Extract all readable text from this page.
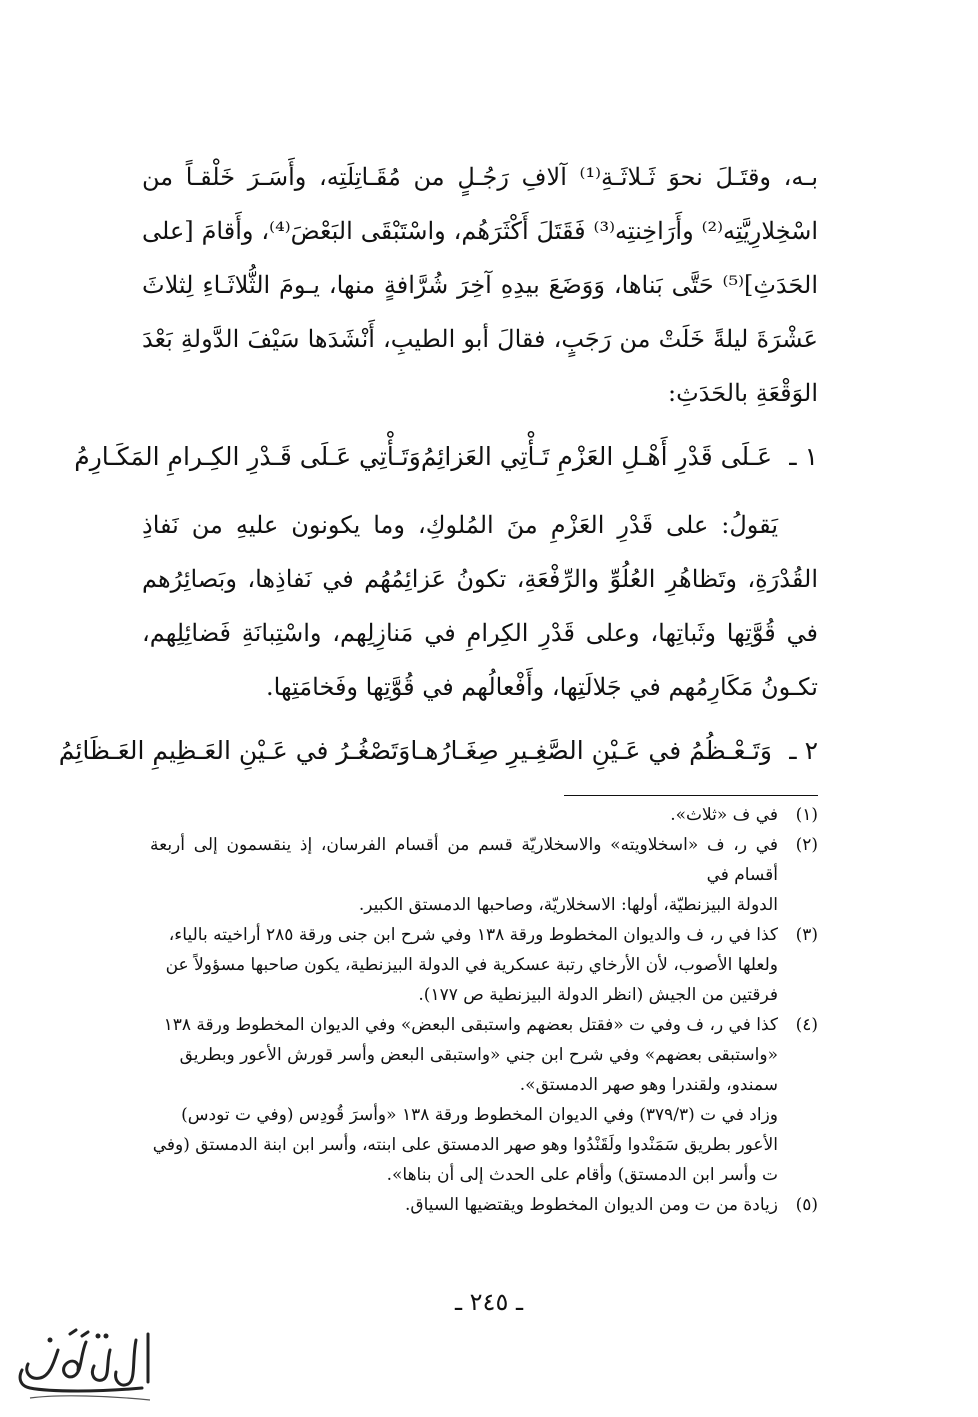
بـه، وقتَـلَ نحوَ ثَـلاثَـةِ⁽¹⁾ آلافِ رَجُـلٍ من مُقَـاتِلَتِه، وأَسَـرَ خَلْقـاً من اسْخِلارِيَّتِه⁽²⁾ وأَرَاخِنتِه⁽³⁾ فَقَتَلَ أَكْثَرَهُم، واسْتَبْقَى البَعْضَ⁽⁴⁾، وأَقامَ [على الحَدَثِ]⁽⁵⁾ حَتَّى بَناها، وَوَضَعَ بيدِهِ آخِرَ شُرَّافةٍ منها، يـومَ الثُّلاثَـاءِ لِثلاثَ عَشْرَةَ ليلةً خَلَتْ من رَجَبٍ، فقالَ أبو الطيبِ، أَنْشَدَها سَيْفَ الدَّولةِ بَعْدَ الوَقْعَةِ بالحَدَثِ:

١ ـ
عَـلَى قَدْرِ أَهْـلِ العَزْمِ تَـأْتِي العَزائِمُ
وَتَـأْتِي عَـلَى قَـدْرِ الكِـرامِ المَكَـارِمُ

يَقولُ: على قَدْرِ العَزْمِ منَ المُلوكِ، وما يكونون عليهِ من نَفاذِ القُدْرَةِ، وتَظاهُرِ العُلُوِّ والرِّفْعَةِ، تكونُ عَزائِمُهُم في نَفاذِها، وبَصائِرُهم في قُوَّتِها وثَباتِها، وعلى قَدْرِ الكِرامِ في مَنازِلِهم، واسْتِبانَةِ فَضائِلِهم، تكـونُ مَكَارِمُهم في جَلالَتِها، وأَفْعالُهم في قُوَّتِها وفَخامَتِها.

٢ ـ
وَتَـعْـظُمُ في عَـيْنِ الصَّغِـيرِ صِغَـارُهـا
وَتَصْغُـرُ في عَـيْنِ العَـظِيمِ العَـظَائِمُ
(١)
في ف «ثلاث».
(٢)
في ر، ف «اسخلاويته» والاسخلاريّة قسم من أقسام الفرسان، إذ ينقسمون إلى أربعة أقسام في
الدولة البيزنطيّة، أولها: الاسخلاريّة، وصاحبها الدمستق الكبير.
(٣)
كذا في ر، ف والديوان المخطوط ورقة ١٣٨ وفي شرح ابن جنى ورقة ٢٨٥ أراخيته بالياء،
ولعلها الأصوب، لأن الأرخاي رتبة عسكرية في الدولة البيزنطية، يكون صاحبها مسؤولاً عن
فرقتين من الجيش (انظر الدولة البيزنطية ص ١٧٧).
(٤)
كذا في ر، ف وفي ت «فقتل بعضهم واستبقى البعض» وفي الديوان المخطوط ورقة ١٣٨
«واستبقى بعضهم» وفي شرح ابن جني «واستبقى البعض وأسر قورش الأعور وبطريق
سمندو، ولقندرا وهو صهر الدمستق».
وزاد في ت (٣٧٩/٣) وفي الديوان المخطوط ورقة ١٣٨ «وأسرَ قُودِس (وفي ت تودس)
الأعور بطريق سَمَنْدوا ولَقَنْدُوا وهو صهر الدمستق على ابنته، وأسر ابن ابنة الدمستق (وفي
ت وأسر ابن الدمستق) وأقام على الحدث إلى أن بناها».
(٥)
زيادة من ت ومن الديوان المخطوط ويقتضيها السياق.
ـ ٢٤٥ ـ
